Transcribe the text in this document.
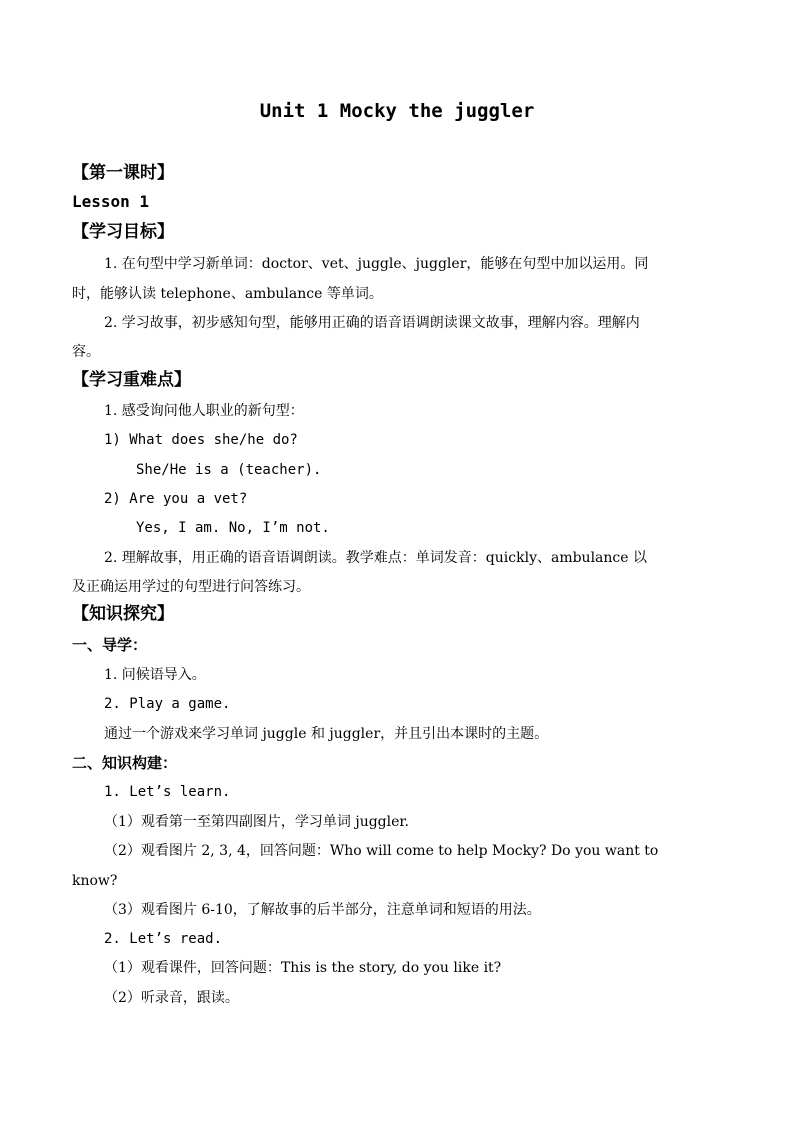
Unit 1 Mocky the juggler
【第一课时】
Lesson 1
【学习目标】
1. 在句型中学习新单词：doctor、vet、juggle、juggler，能够在句型中加以运用。同
时，能够认读 telephone、ambulance 等单词。
2. 学习故事，初步感知句型，能够用正确的语音语调朗读课文故事，理解内容。理解内
容。
【学习重难点】
1. 感受询问他人职业的新句型：
1) What does she/he do?
She/He is a (teacher).
2) Are you a vet?
Yes, I am. No, I’m not.
2. 理解故事，用正确的语音语调朗读。教学难点：单词发音：quickly、ambulance 以
及正确运用学过的句型进行问答练习。
【知识探究】
一、导学：
1. 问候语导入。
2. Play a game.
通过一个游戏来学习单词 juggle 和 juggler，并且引出本课时的主题。
二、知识构建：
1. Let’s learn.
（1）观看第一至第四副图片，学习单词 juggler.
（2）观看图片 2, 3, 4，回答问题：Who will come to help Mocky? Do you want to
know?
（3）观看图片 6-10，了解故事的后半部分，注意单词和短语的用法。
2. Let’s read.
（1）观看课件，回答问题：This is the story, do you like it?
（2）听录音，跟读。
